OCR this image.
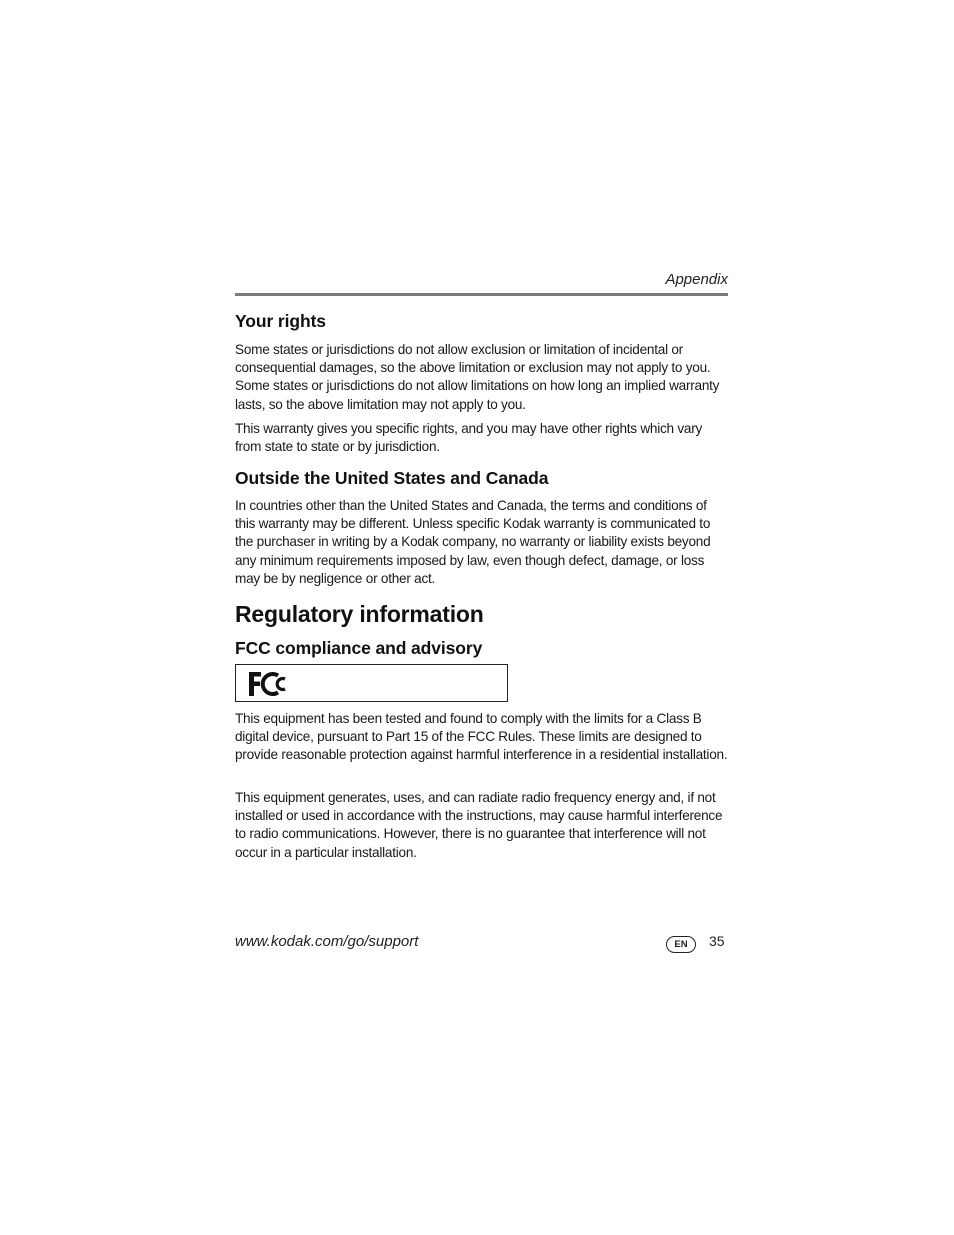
Appendix
Your rights

Some states or jurisdictions do not allow exclusion or limitation of incidental or consequential damages, so the above limitation or exclusion may not apply to you. Some states or jurisdictions do not allow limitations on how long an implied warranty lasts, so the above limitation may not apply to you.

This warranty gives you specific rights, and you may have other rights which vary from state to state or by jurisdiction.

Outside the United States and Canada

In countries other than the United States and Canada, the terms and conditions of this warranty may be different. Unless specific Kodak warranty is communicated to the purchaser in writing by a Kodak company, no warranty or liability exists beyond any minimum requirements imposed by law, even though defect, damage, or loss may be by negligence or other act.

Regulatory information
FCC compliance and advisory

This equipment has been tested and found to comply with the limits for a Class B digital device, pursuant to Part 15 of the FCC Rules. These limits are designed to provide reasonable protection against harmful interference in a residential installation.

This equipment generates, uses, and can radiate radio frequency energy and, if not installed or used in accordance with the instructions, may cause harmful interference to radio communications. However, there is no guarantee that interference will not occur in a particular installation.

www.kodak.com/go/support	EN	35
